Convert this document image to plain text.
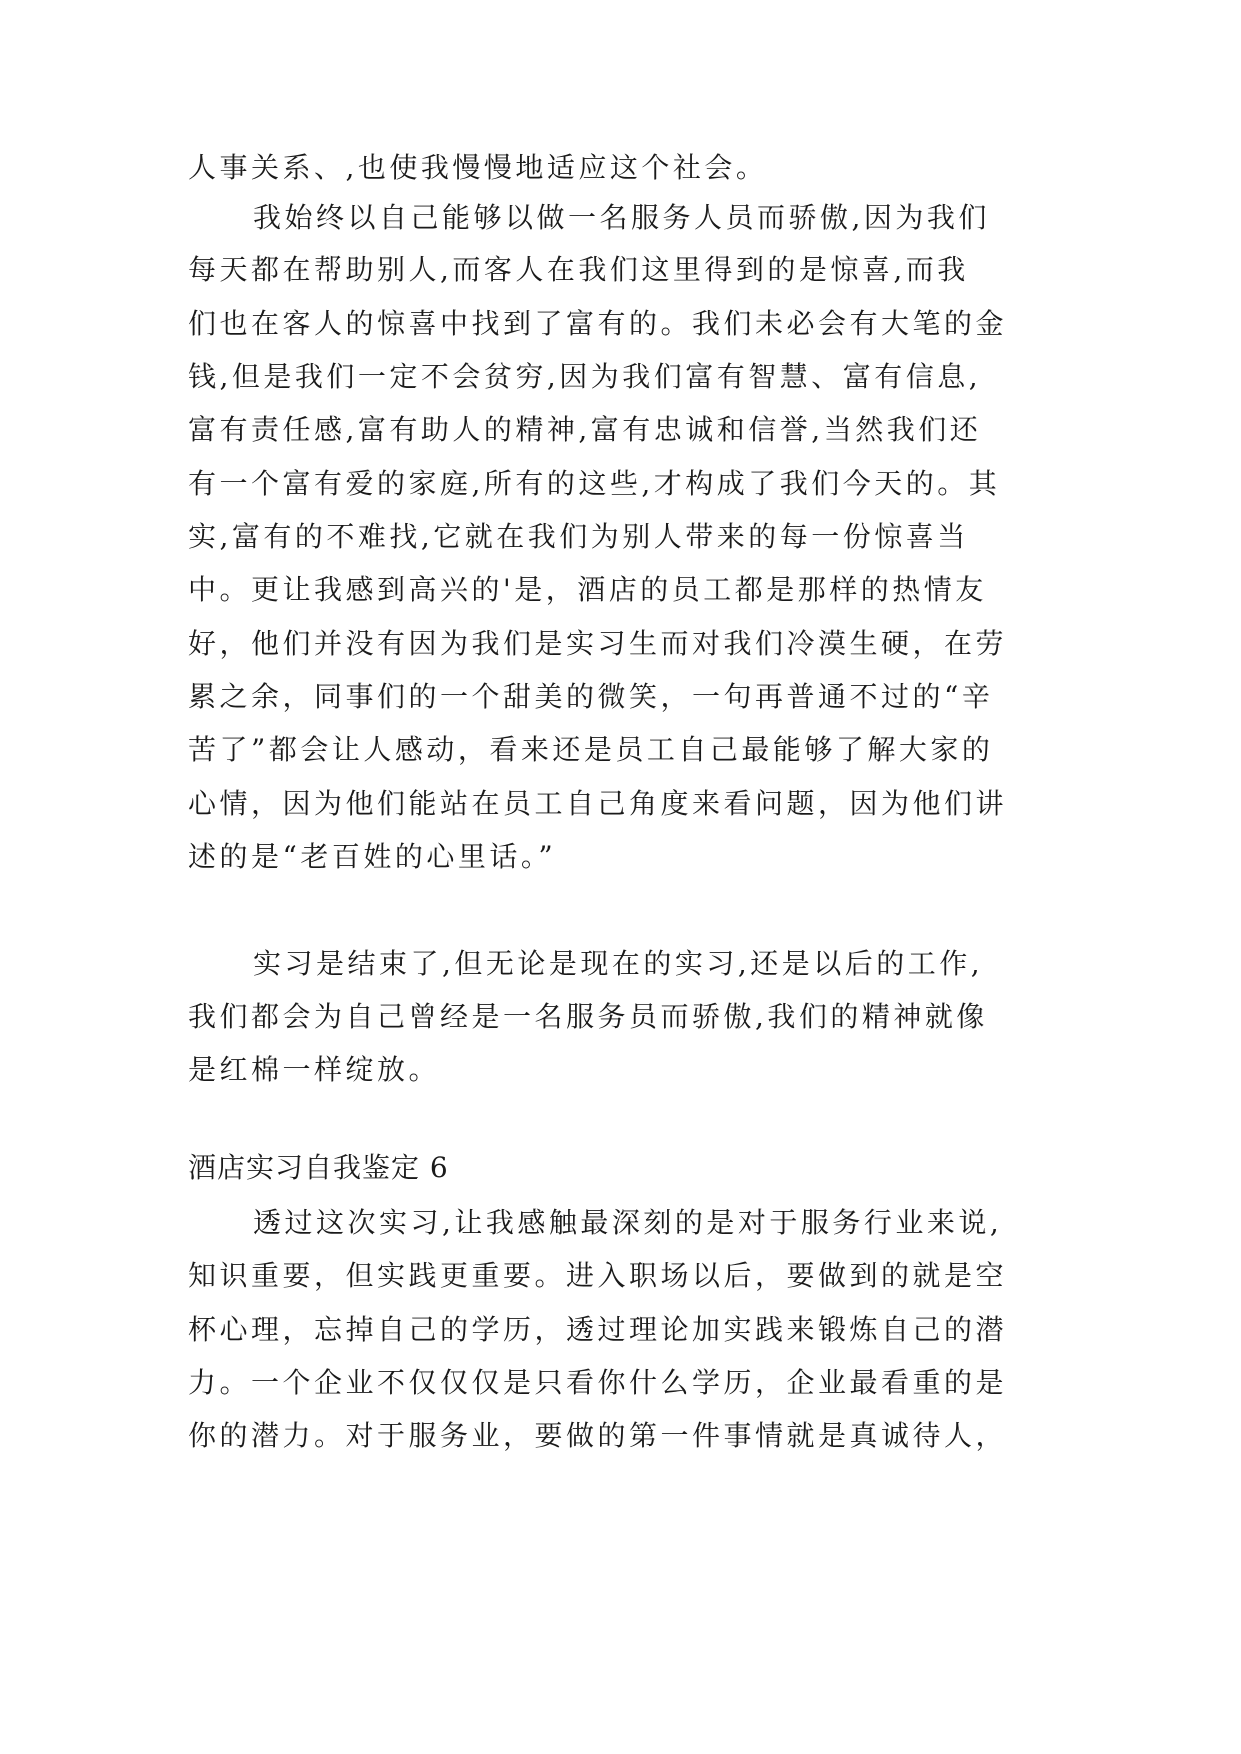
人事关系、,也使我慢慢地适应这个社会。
我始终以自己能够以做一名服务人员而骄傲,因为我们
每天都在帮助别人,而客人在我们这里得到的是惊喜,而我
们也在客人的惊喜中找到了富有的。我们未必会有大笔的金
钱,但是我们一定不会贫穷,因为我们富有智慧、富有信息,
富有责任感,富有助人的精神,富有忠诚和信誉,当然我们还
有一个富有爱的家庭,所有的这些,才构成了我们今天的。其
实,富有的不难找,它就在我们为别人带来的每一份惊喜当
中。更让我感到高兴的'是，酒店的员工都是那样的热情友
好，他们并没有因为我们是实习生而对我们冷漠生硬，在劳
累之余，同事们的一个甜美的微笑，一句再普通不过的“辛
苦了”都会让人感动，看来还是员工自己最能够了解大家的
心情，因为他们能站在员工自己角度来看问题，因为他们讲
述的是“老百姓的心里话。”
实习是结束了,但无论是现在的实习,还是以后的工作,
我们都会为自己曾经是一名服务员而骄傲,我们的精神就像
是红棉一样绽放。
酒店实习自我鉴定 6
透过这次实习,让我感触最深刻的是对于服务行业来说,
知识重要，但实践更重要。进入职场以后，要做到的就是空
杯心理，忘掉自己的学历，透过理论加实践来锻炼自己的潜
力。一个企业不仅仅仅是只看你什么学历，企业最看重的是
你的潜力。对于服务业，要做的第一件事情就是真诚待人，
